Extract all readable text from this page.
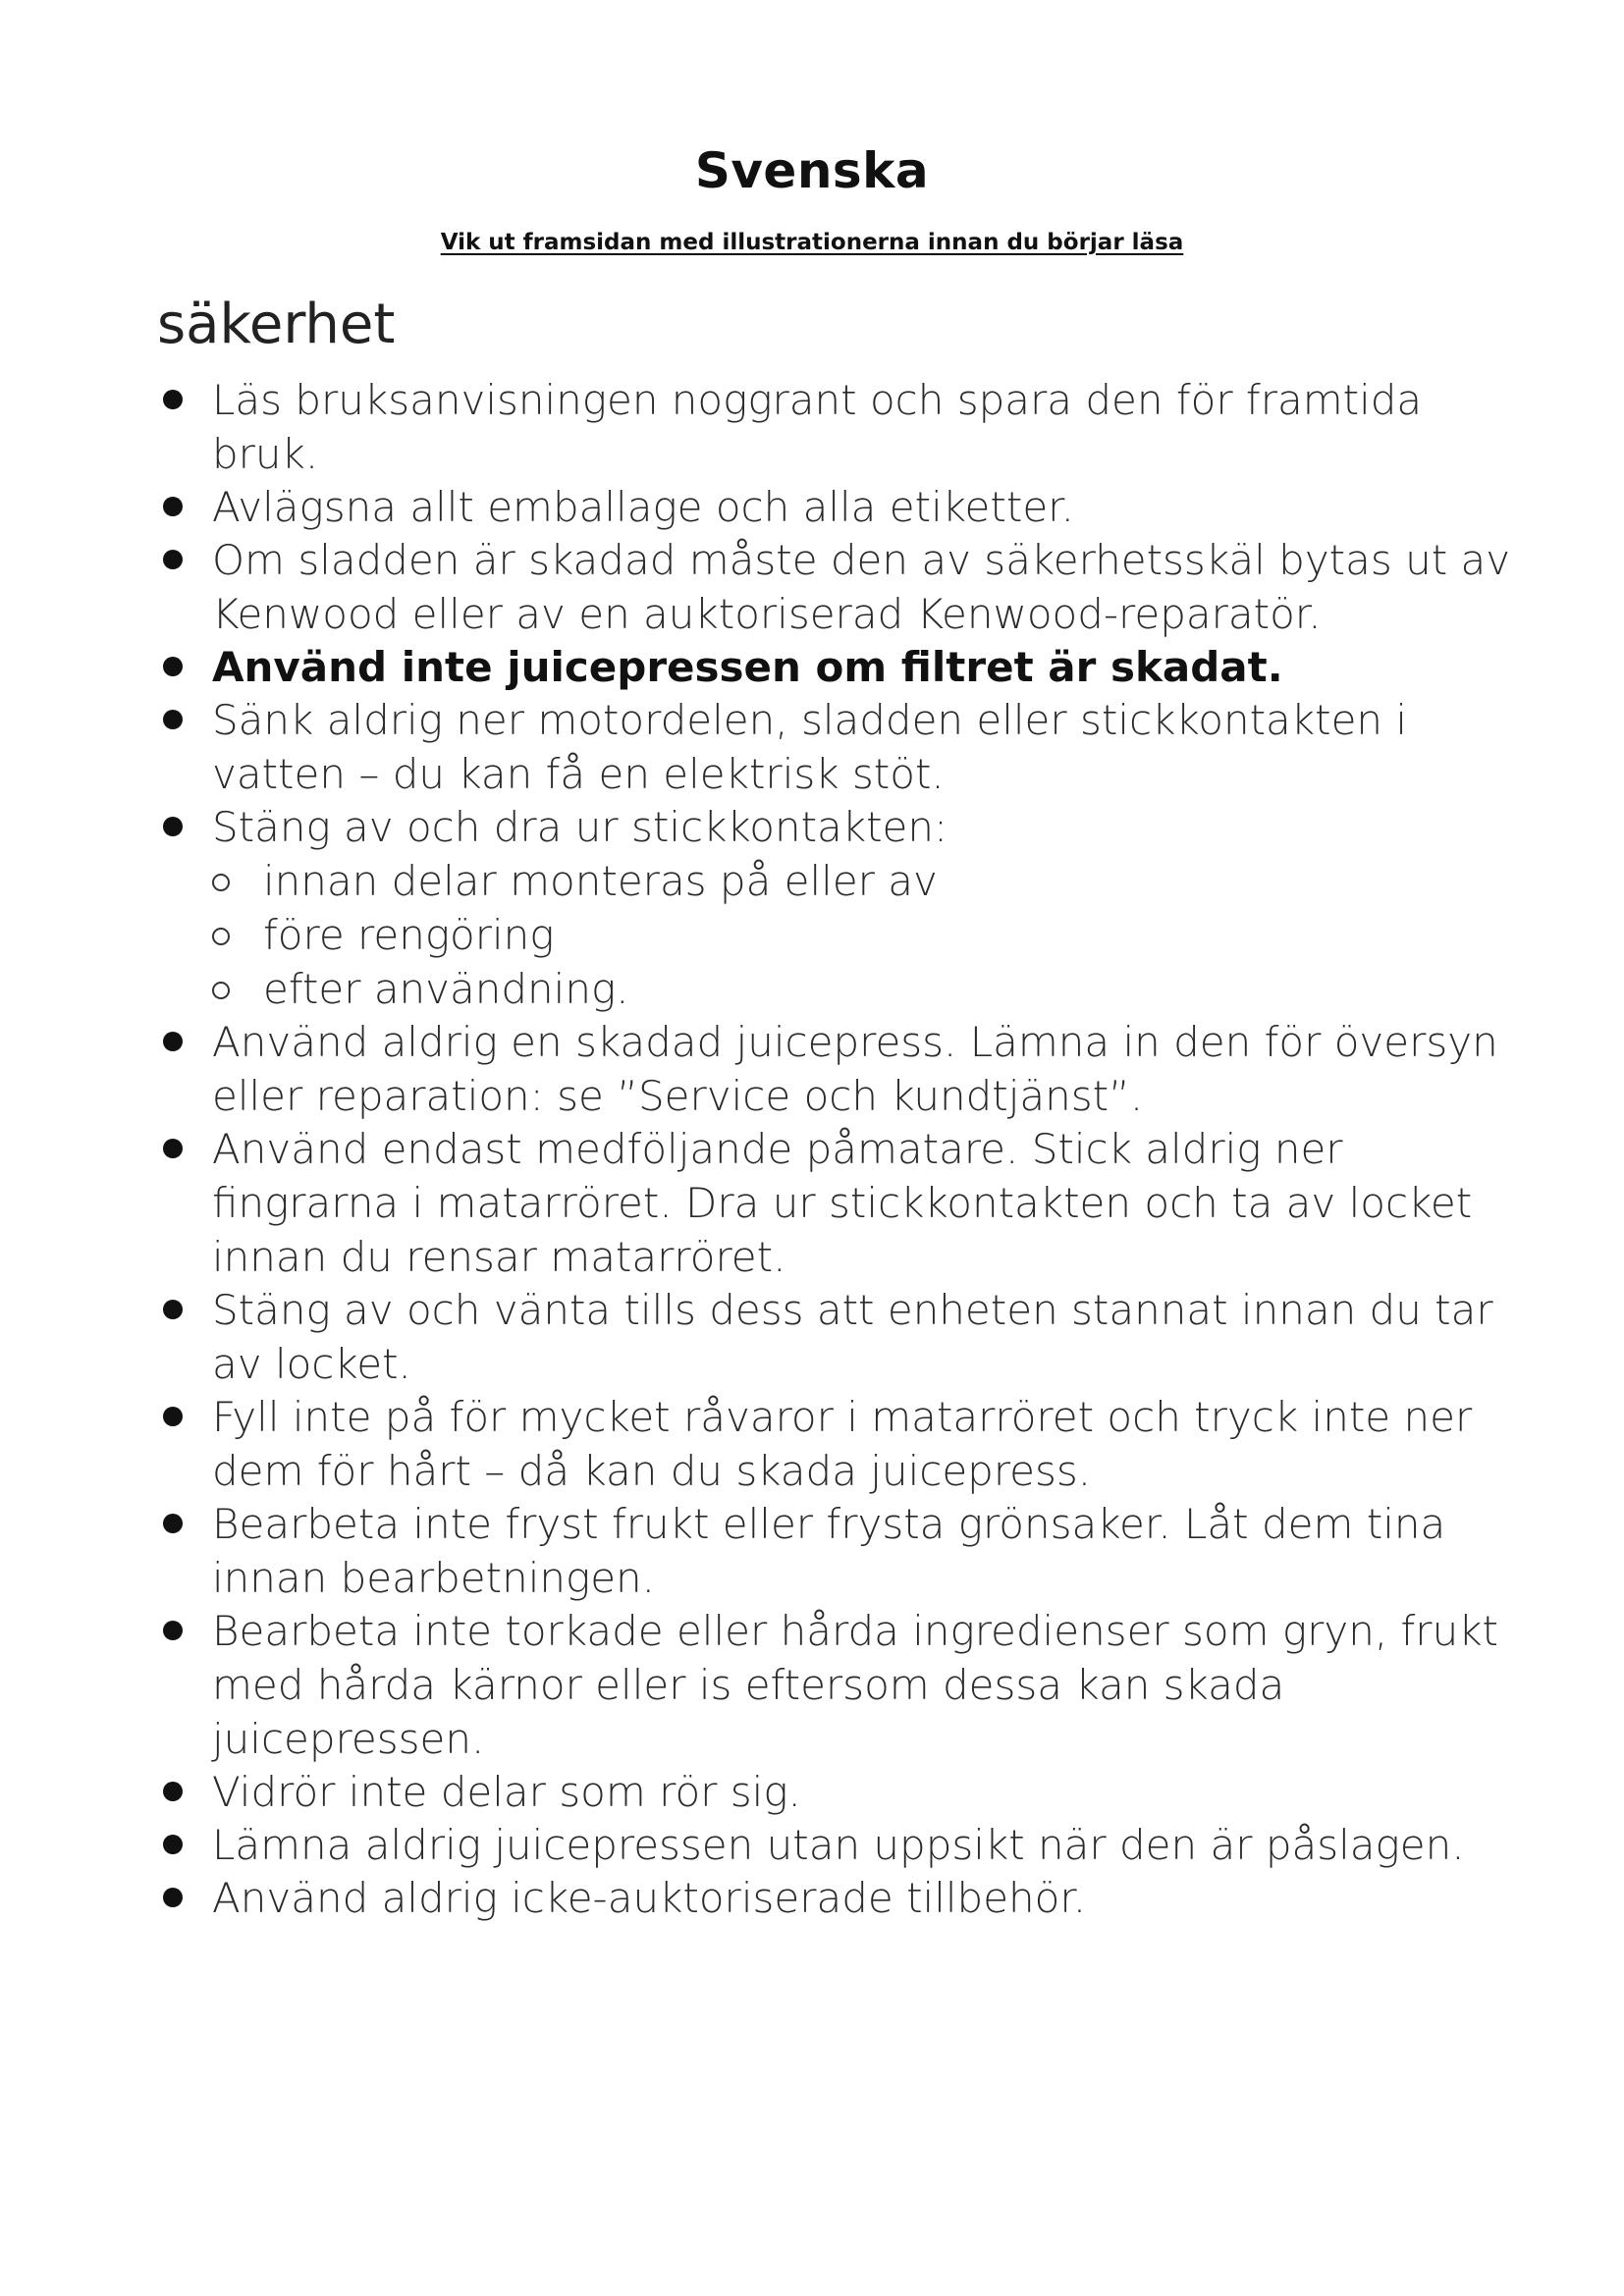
Svenska
Vik ut framsidan med illustrationerna innan du börjar läsa
säkerhet
Läs bruksanvisningen noggrant och spara den för framtida bruk.
Avlägsna allt emballage och alla etiketter.
Om sladden är skadad måste den av säkerhetsskäl bytas ut av Kenwood eller av en auktoriserad Kenwood-reparatör.
Använd inte juicepressen om filtret är skadat.
Sänk aldrig ner motordelen, sladden eller stickkontakten i vatten – du kan få en elektrisk stöt.
Stäng av och dra ur stickkontakten:
innan delar monteras på eller av
före rengöring
efter användning.
Använd aldrig en skadad juicepress. Lämna in den för översyn eller reparation: se ”Service och kundtjänst”.
Använd endast medföljande påmatare. Stick aldrig ner fingrarna i matarröret. Dra ur stickkontakten och ta av locket innan du rensar matarröret.
Stäng av och vänta tills dess att enheten stannat innan du tar av locket.
Fyll inte på för mycket råvaror i matarröret och tryck inte ner dem för hårt – då kan du skada juicepress.
Bearbeta inte fryst frukt eller frysta grönsaker. Låt dem tina innan bearbetningen.
Bearbeta inte torkade eller hårda ingredienser som gryn, frukt med hårda kärnor eller is eftersom dessa kan skada juicepressen.
Vidrör inte delar som rör sig.
Lämna aldrig juicepressen utan uppsikt när den är påslagen.
Använd aldrig icke-auktoriserade tillbehör.
